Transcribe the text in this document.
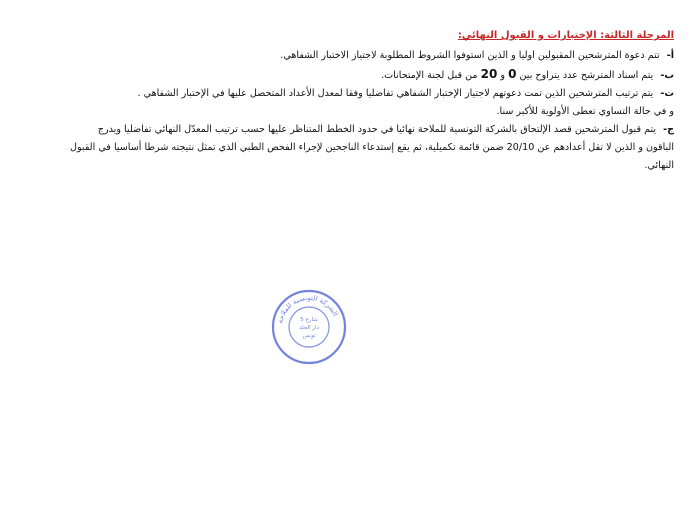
المرحلة الثالثة: الإختبارات و القبول النهائي:
أ- تتم دعوة المترشحين المقبولين اوليا و الذين استوفوا الشروط المطلوبة لاجتياز الاختبار الشفاهي.
ب- يتم اسناد المترشح عدد يتراوح بين 0 و 20 من قبل لجنة الإمتحانات.
ت- يتم ترتيب المترشحين الذين تمت دعوتهم لاجتياز الإختبار الشفاهي تفاضليا وفقا لمعدل الأعداد المتحصل عليها في الإختبار الشفاهي .
و في حالة التساوي تعطى الأولوية للأكبر سنا.
ج- يتم قبول المترشحين قصد الإلتحاق بالشركة التونسية للملاحة نهائيا في حدود الخطط المتناظر عليها حسب ترتيب المعدّل النهائي تفاضليا ويدرج الباقون و الذين لا تقل أعدادهم عن 20/10 ضمن قائمة تكميلية، ثم يقع إستدعاء الناجحين لإجراء الفحص الطبي الذي تمثل نتيجته شرطا أساسيا في القبول النهائي.
الشركة التونسية للملاحة
5 شارع
دار الجلد
تونس
